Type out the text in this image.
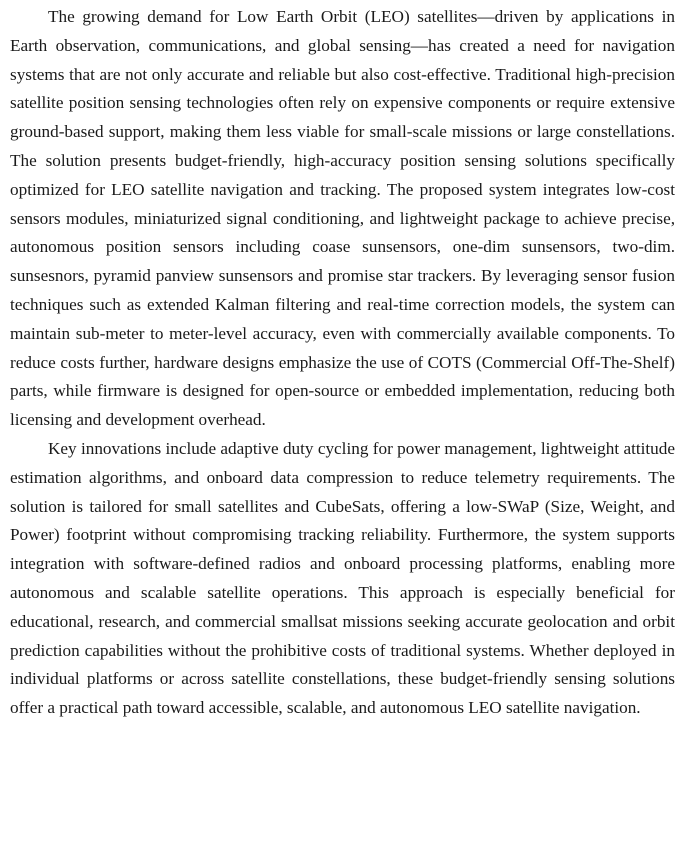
The growing demand for Low Earth Orbit (LEO) satellites—driven by applications in Earth observation, communications, and global sensing—has created a need for navigation systems that are not only accurate and reliable but also cost-effective. Traditional high-precision satellite position sensing technologies often rely on expensive components or require extensive ground-based support, making them less viable for small-scale missions or large constellations. The solution presents budget-friendly, high-accuracy position sensing solutions specifically optimized for LEO satellite navigation and tracking. The proposed system integrates low-cost sensors modules, miniaturized signal conditioning, and lightweight package to achieve precise, autonomous position sensors including coase sunsensors, one-dim sunsensors, two-dim. sunsesnors, pyramid panview sunsensors and promise star trackers. By leveraging sensor fusion techniques such as extended Kalman filtering and real-time correction models, the system can maintain sub-meter to meter-level accuracy, even with commercially available components. To reduce costs further, hardware designs emphasize the use of COTS (Commercial Off-The-Shelf) parts, while firmware is designed for open-source or embedded implementation, reducing both licensing and development overhead.

Key innovations include adaptive duty cycling for power management, lightweight attitude estimation algorithms, and onboard data compression to reduce telemetry requirements. The solution is tailored for small satellites and CubeSats, offering a low-SWaP (Size, Weight, and Power) footprint without compromising tracking reliability. Furthermore, the system supports integration with software-defined radios and onboard processing platforms, enabling more autonomous and scalable satellite operations. This approach is especially beneficial for educational, research, and commercial smallsat missions seeking accurate geolocation and orbit prediction capabilities without the prohibitive costs of traditional systems. Whether deployed in individual platforms or across satellite constellations, these budget-friendly sensing solutions offer a practical path toward accessible, scalable, and autonomous LEO satellite navigation.
